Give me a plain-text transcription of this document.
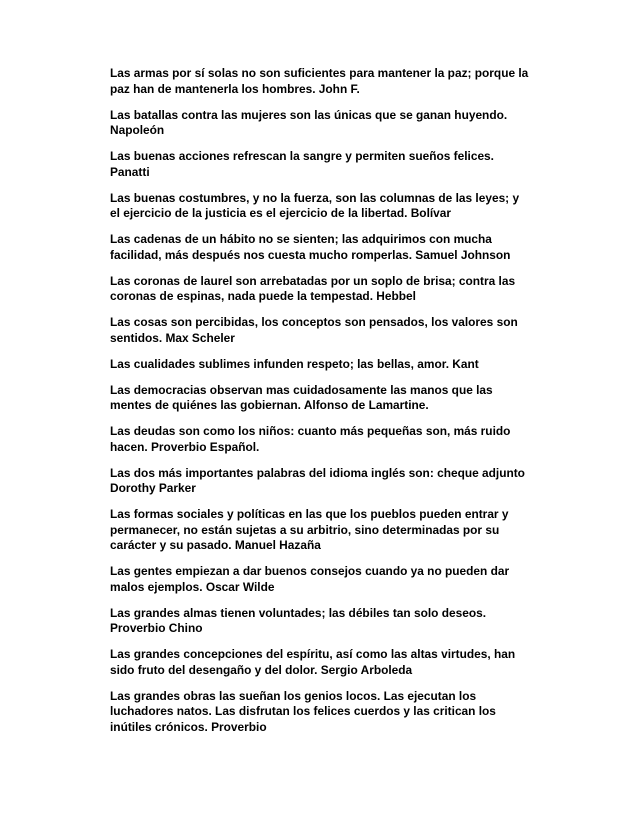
Las armas por sí solas no son suficientes para mantener la paz; porque la
paz han de mantenerla los hombres. John F.

Las batallas contra las mujeres son las únicas que se ganan huyendo.
Napoleón

Las buenas acciones refrescan la sangre y permiten sueños felices.
Panatti

Las buenas costumbres, y no la fuerza, son las columnas de las leyes; y
el ejercicio de la justicia es el ejercicio de la libertad. Bolívar

Las cadenas de un hábito no se sienten; las adquirimos con mucha
facilidad, más después nos cuesta mucho romperlas. Samuel Johnson

Las coronas de laurel son arrebatadas por un soplo de brisa; contra las
coronas de espinas, nada puede la tempestad. Hebbel

Las cosas son percibidas, los conceptos son pensados, los valores son
sentidos. Max Scheler

Las cualidades sublimes infunden respeto; las bellas, amor. Kant

Las democracias observan mas cuidadosamente las manos que las
mentes de quiénes las gobiernan. Alfonso de Lamartine.

Las deudas son como los niños: cuanto más pequeñas son, más ruido
hacen. Proverbio Español.

Las dos más importantes palabras del idioma inglés son: cheque adjunto
Dorothy Parker

Las formas sociales y políticas en las que los pueblos pueden entrar y
permanecer, no están sujetas a su arbitrio, sino determinadas por su
carácter y su pasado. Manuel Hazaña

Las gentes empiezan a dar buenos consejos cuando ya no pueden dar
malos ejemplos. Oscar Wilde

Las grandes almas tienen voluntades; las débiles tan solo deseos.
Proverbio Chino

Las grandes concepciones del espíritu, así como las altas virtudes, han
sido fruto del desengaño y del dolor. Sergio Arboleda

Las grandes obras las sueñan los genios locos. Las ejecutan los
luchadores natos. Las disfrutan los felices cuerdos y las critican los
inútiles crónicos. Proverbio
